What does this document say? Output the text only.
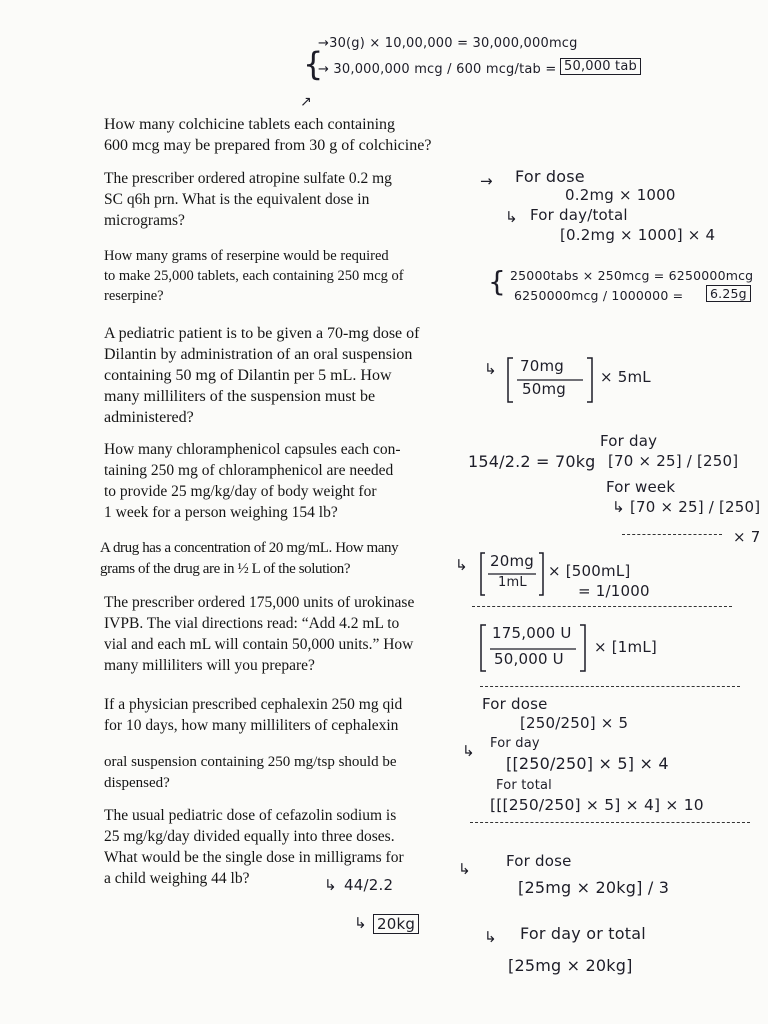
How many colchicine tablets each containing
600 mcg may be prepared from 30 g of colchicine?

The prescriber ordered atropine sulfate 0.2 mg
SC q6h prn. What is the equivalent dose in
micrograms?

How many grams of reserpine would be required
to make 25,000 tablets, each containing 250 mcg of
reserpine?

A pediatric patient is to be given a 70-mg dose of
Dilantin by administration of an oral suspension
containing 50 mg of Dilantin per 5 mL. How
many milliliters of the suspension must be
administered?

How many chloramphenicol capsules each con-
taining 250 mg of chloramphenicol are needed
to provide 25 mg/kg/day of body weight for
1 week for a person weighing 154 lb?

A drug has a concentration of 20 mg/mL. How many
grams of the drug are in ½ L of the solution?

The prescriber ordered 175,000 units of urokinase
IVPB. The vial directions read: “Add 4.2 mL to
vial and each mL will contain 50,000 units.” How
many milliliters will you prepare?

If a physician prescribed cephalexin 250 mg qid
for 10 days, how many milliliters of cephalexin

oral suspension containing 250 mg/tsp should be
dispensed?

The usual pediatric dose of cefazolin sodium is
25 mg/kg/day divided equally into three doses.
What would be the single dose in milligrams for
a child weighing 44 lb?

{
→30(g) × 10,00,000 = 30,000,000mcg
→ 30,000,000 mcg / 600 mcg/tab = 50,000 tab
↗
→ For dose
0.2mg × 1000
↳ For day/total
[0.2mg × 1000] × 4
{ 25000tabs × 250mcg = 6250000mcg
6250000mcg / 1000000 =	6.25g
↳ 70mg
50mg
× 5mL
154/2.2 = 70kg
For day
[70 × 25] / [250]
For week
↳ [70 × 25] / [250]
× 7
↳ 20mg
1mL
× [500mL]
= 1/1000
175,000 U
50,000 U
× [1mL]
For dose
[250/250] × 5
↳ For day
[[250/250] × 5] × 4
For total
[[[250/250] × 5] × 4] × 10
↳ For dose
[25mg × 20kg] / 3
↳ 44/2.2
↳ 20kg
↳ For day or total
[25mg × 20kg]
